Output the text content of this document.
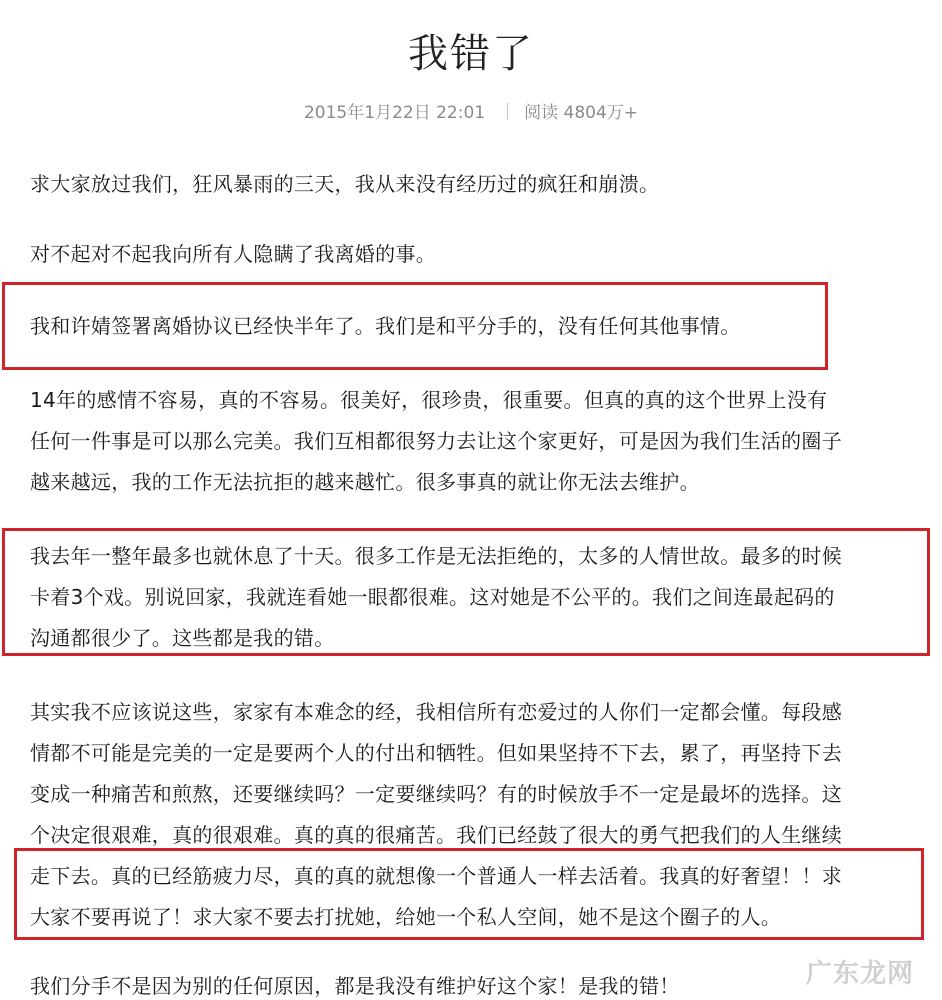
我错了
2015年1月22日 22:01 阅读 4804万+
求大家放过我们，狂风暴雨的三天，我从来没有经历过的疯狂和崩溃。
对不起对不起我向所有人隐瞒了我离婚的事。
我和许婧签署离婚协议已经快半年了。我们是和平分手的，没有任何其他事情。
14年的感情不容易，真的不容易。很美好，很珍贵，很重要。但真的真的这个世界上没有
任何一件事是可以那么完美。我们互相都很努力去让这个家更好，可是因为我们生活的圈子
越来越远，我的工作无法抗拒的越来越忙。很多事真的就让你无法去维护。
我去年一整年最多也就休息了十天。很多工作是无法拒绝的，太多的人情世故。最多的时候
卡着3个戏。别说回家，我就连看她一眼都很难。这对她是不公平的。我们之间连最起码的
沟通都很少了。这些都是我的错。
其实我不应该说这些，家家有本难念的经，我相信所有恋爱过的人你们一定都会懂。每段感
情都不可能是完美的一定是要两个人的付出和牺牲。但如果坚持不下去，累了，再坚持下去
变成一种痛苦和煎熬，还要继续吗？一定要继续吗？有的时候放手不一定是最坏的选择。这
个决定很艰难，真的很艰难。真的真的很痛苦。我们已经鼓了很大的勇气把我们的人生继续
走下去。真的已经筋疲力尽，真的真的就想像一个普通人一样去活着。我真的好奢望！！求
大家不要再说了！求大家不要去打扰她，给她一个私人空间，她不是这个圈子的人。
我们分手不是因为别的任何原因，都是我没有维护好这个家！是我的错！	广东龙网
